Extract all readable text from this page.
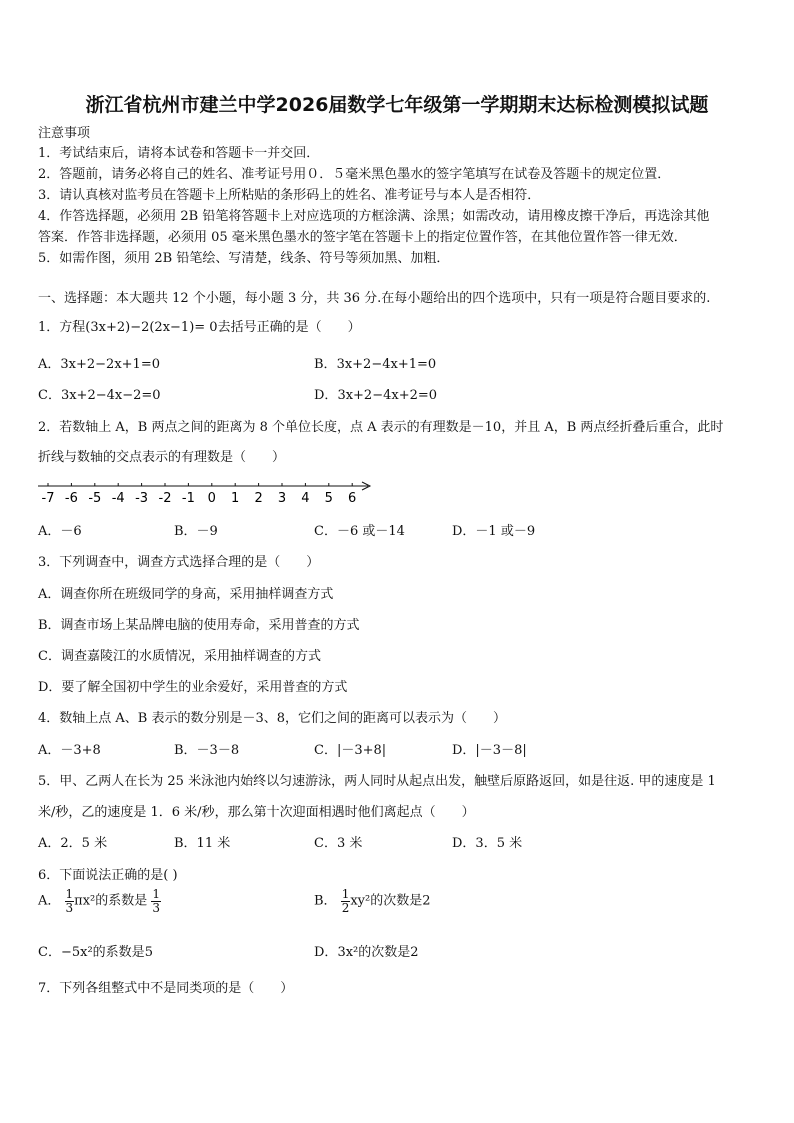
浙江省杭州市建兰中学2026届数学七年级第一学期期末达标检测模拟试题
注意事项
1．考试结束后，请将本试卷和答题卡一并交回．
2．答题前，请务必将自己的姓名、准考证号用０．５毫米黑色墨水的签字笔填写在试卷及答题卡的规定位置．
3．请认真核对监考员在答题卡上所粘贴的条形码上的姓名、准考证号与本人是否相符．
4．作答选择题，必须用 2B 铅笔将答题卡上对应选项的方框涂满、涂黑；如需改动，请用橡皮擦干净后，再选涂其他
答案．作答非选择题，必须用 05 毫米黑色墨水的签字笔在答题卡上的指定位置作答，在其他位置作答一律无效．
5．如需作图，须用 2B 铅笔绘、写清楚，线条、符号等须加黑、加粗．
一、选择题：本大题共 12 个小题，每小题 3 分，共 36 分.在每小题给出的四个选项中，只有一项是符合题目要求的.
1．方程(3x+2)−2(2x−1)= 0去括号正确的是（　　）
A．3x+2−2x+1=0	B．3x+2−4x+1=0
C．3x+2−4x−2=0	D．3x+2−4x+2=0
2．若数轴上 A，B 两点之间的距离为 8 个单位长度，点 A 表示的有理数是－10，并且 A，B 两点经折叠后重合，此时
折线与数轴的交点表示的有理数是（　　）
-7 -6 -5 -4 -3 -2 -1 0 1 2 3 4 5 6
A．－6	B．－9	C．－6 或－14	D．－1 或－9
3．下列调查中，调查方式选择合理的是（　　）
A．调查你所在班级同学的身高，采用抽样调查方式
B．调查市场上某品牌电脑的使用寿命，采用普查的方式
C．调查嘉陵江的水质情况，采用抽样调查的方式
D．要了解全国初中学生的业余爱好，采用普查的方式
4．数轴上点 A、B 表示的数分别是－3、8，它们之间的距离可以表示为（　　）
A．－3+8	B．－3－8	C．|－3+8|	D．|－3－8|
5．甲、乙两人在长为 25 米泳池内始终以匀速游泳，两人同时从起点出发，触壁后原路返回，如是往返. 甲的速度是 1
米/秒，乙的速度是 1．6 米/秒，那么第十次迎面相遇时他们离起点（　　）
A．2．5 米	B．11 米	C．3 米	D．3．5 米
6．下面说法正确的是( )
A． $\frac{1}{3} \pi x^2$的系数是 $\frac{1}{3}$	B． $\frac{1}{2} xy^2$的次数是2
C．−5x²的系数是5	D．3x²的次数是2
7．下列各组整式中不是同类项的是（　　）
